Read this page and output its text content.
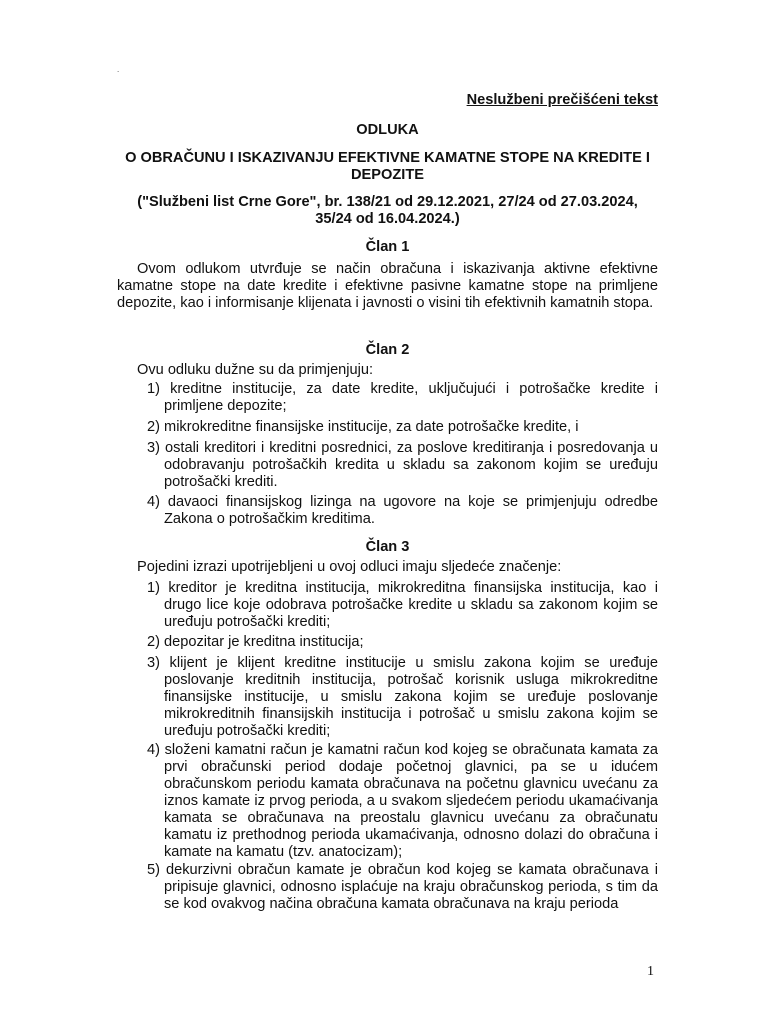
.
Neslužbeni prečišćeni tekst
ODLUKA
O OBRAČUNU I ISKAZIVANJU EFEKTIVNE KAMATNE STOPE NA KREDITE I DEPOZITE
("Službeni list Crne Gore", br. 138/21 od 29.12.2021, 27/24 od 27.03.2024, 35/24 od 16.04.2024.)
Član 1
Ovom odlukom utvrđuje se način obračuna i iskazivanja aktivne efektivne kamatne stope na date kredite i efektivne pasivne kamatne stope na primljene depozite, kao i informisanje klijenata i javnosti o visini tih efektivnih kamatnih stopa.
Član 2
Ovu odluku dužne su da primjenjuju:
1) kreditne institucije, za date kredite, uključujući i potrošačke kredite i primljene depozite;
2) mikrokreditne finansijske institucije, za date potrošačke kredite, i
3) ostali kreditori i kreditni posrednici, za poslove kreditiranja i posredovanja u odobravanju potrošačkih kredita u skladu sa zakonom kojim se uređuju potrošački krediti.
4) davaoci finansijskog lizinga na ugovore na koje se primjenjuju odredbe Zakona o potrošačkim kreditima.
Član 3
Pojedini izrazi upotrijebljeni u ovoj odluci imaju sljedeće značenje:
1) kreditor je kreditna institucija, mikrokreditna finansijska institucija, kao i drugo lice koje odobrava potrošačke kredite u skladu sa zakonom kojim se uređuju potrošački krediti;
2) depozitar je kreditna institucija;
3) klijent je klijent kreditne institucije u smislu zakona kojim se uređuje poslovanje kreditnih institucija, potrošač korisnik usluga mikrokreditne finansijske institucije, u smislu zakona kojim se uređuje poslovanje mikrokreditnih finansijskih institucija i potrošač u smislu zakona kojim se uređuju potrošački krediti;
4) složeni kamatni račun je kamatni račun kod kojeg se obračunata kamata za prvi obračunski period dodaje početnoj glavnici, pa se u idućem obračunskom periodu kamata obračunava na početnu glavnicu uvećanu za iznos kamate iz prvog perioda, a u svakom sljedećem periodu ukamaćivanja kamata se obračunava na preostalu glavnicu uvećanu za obračunatu kamatu iz prethodnog perioda ukamaćivanja, odnosno dolazi do obračuna i kamate na kamatu (tzv. anatocizam);
5) dekurzivni obračun kamate je obračun kod kojeg se kamata obračunava i pripisuje glavnici, odnosno isplaćuje na kraju obračunskog perioda, s tim da se kod ovakvog načina obračuna kamata obračunava na kraju perioda
1
